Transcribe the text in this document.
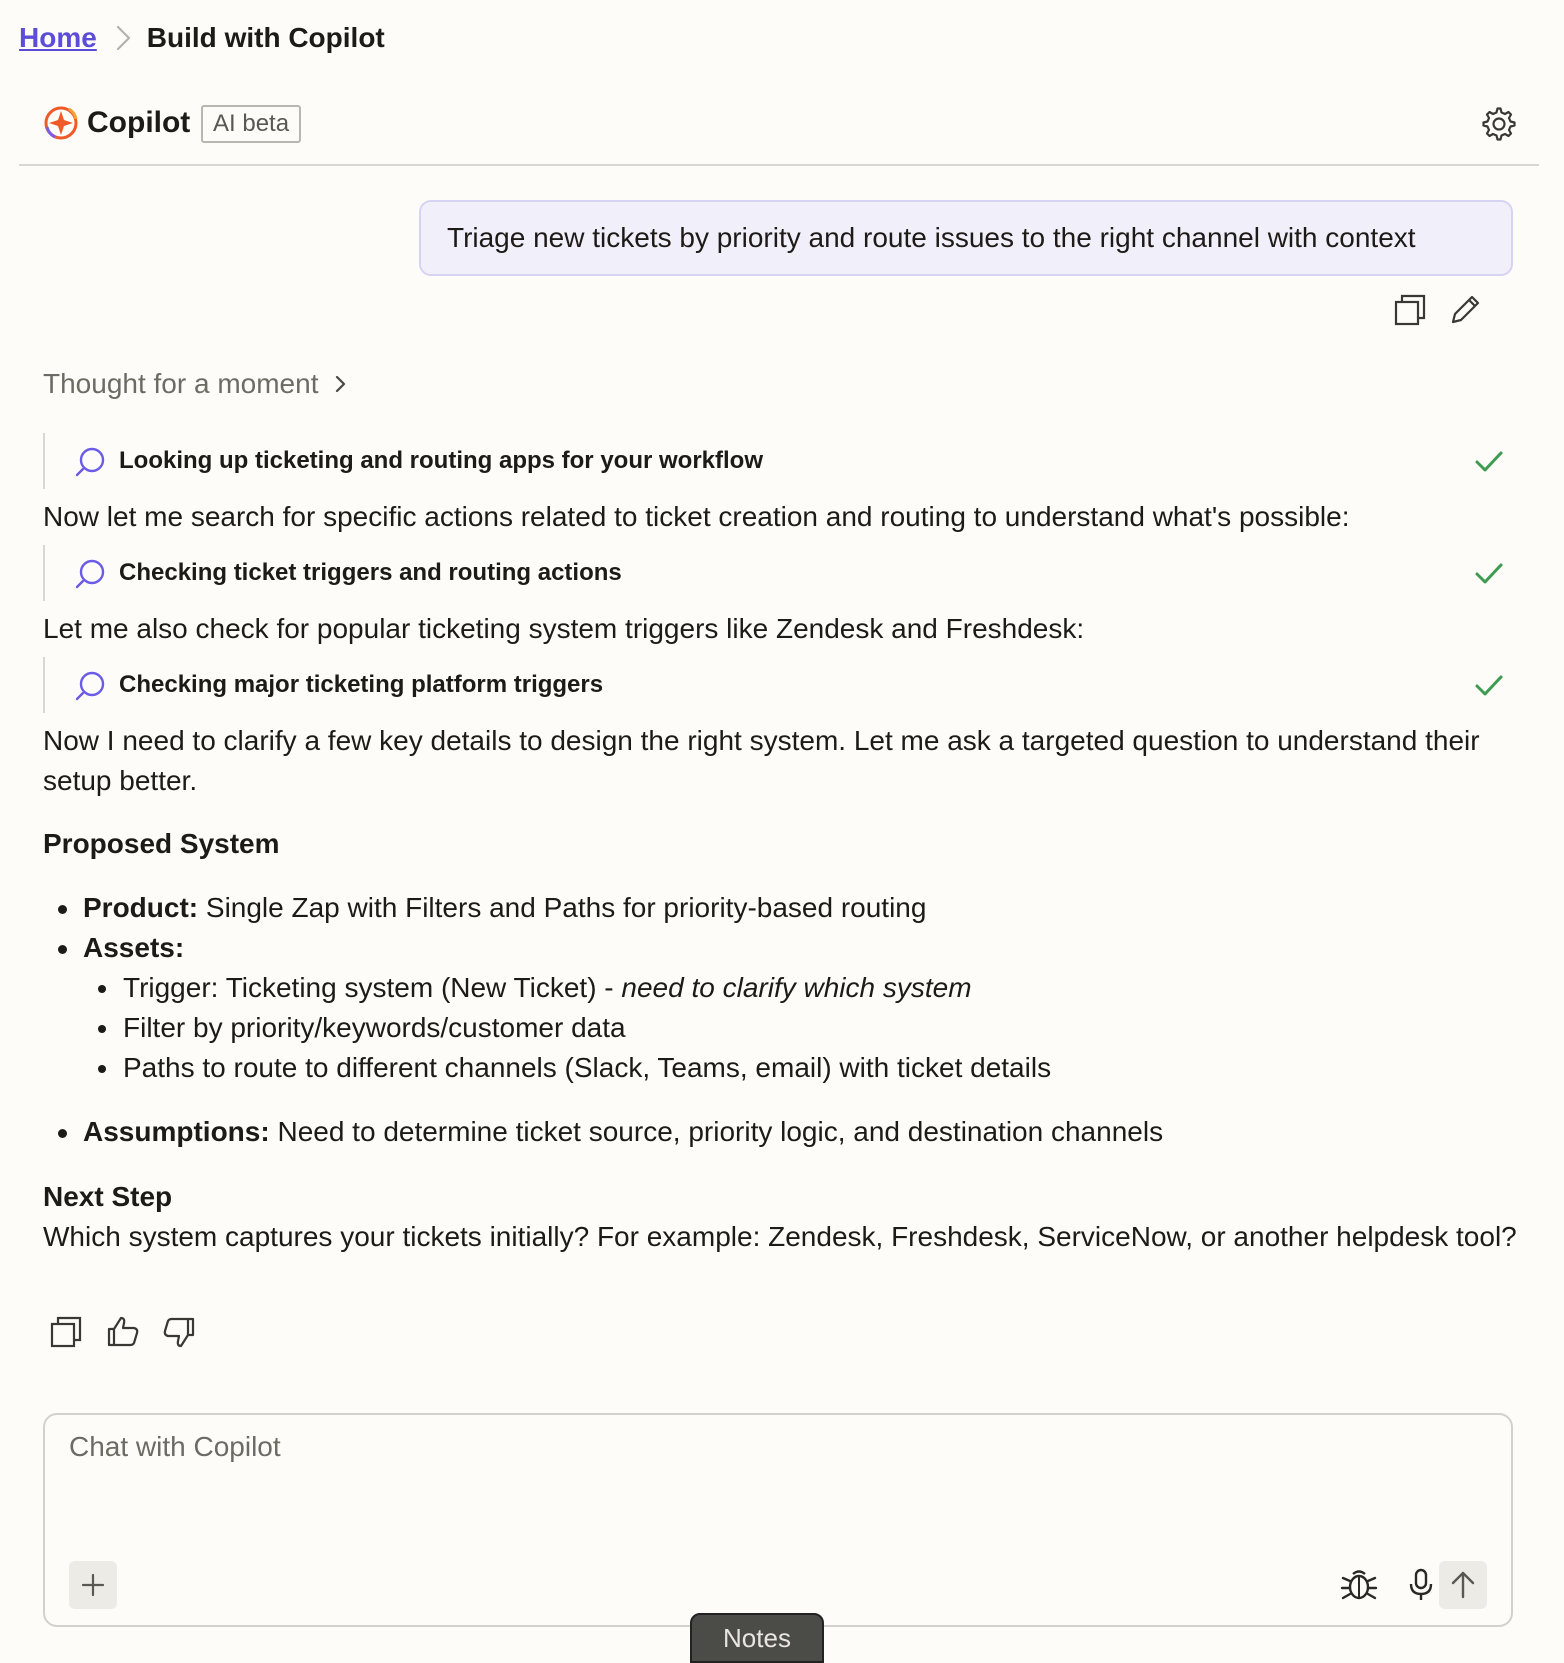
Home Build with Copilot
Copilot AI beta
Triage new tickets by priority and route issues to the right channel with context
Thought for a moment
Looking up ticketing and routing apps for your workflow

Now let me search for specific actions related to ticket creation and routing to understand what's possible:

Checking ticket triggers and routing actions

Let me also check for popular ticketing system triggers like Zendesk and Freshdesk:

Checking major ticketing platform triggers

Now I need to clarify a few key details to design the right system. Let me ask a targeted question to understand their setup better.

Proposed System
Product: Single Zap with Filters and Paths for priority-based routing
Assets:
Trigger: Ticketing system (New Ticket) - need to clarify which system
Filter by priority/keywords/customer data
Paths to route to different channels (Slack, Teams, email) with ticket details
Assumptions: Need to determine ticket source, priority logic, and destination channels
Next Step

Which system captures your tickets initially? For example: Zendesk, Freshdesk, ServiceNow, or another helpdesk tool?

Chat with Copilot
Notes
